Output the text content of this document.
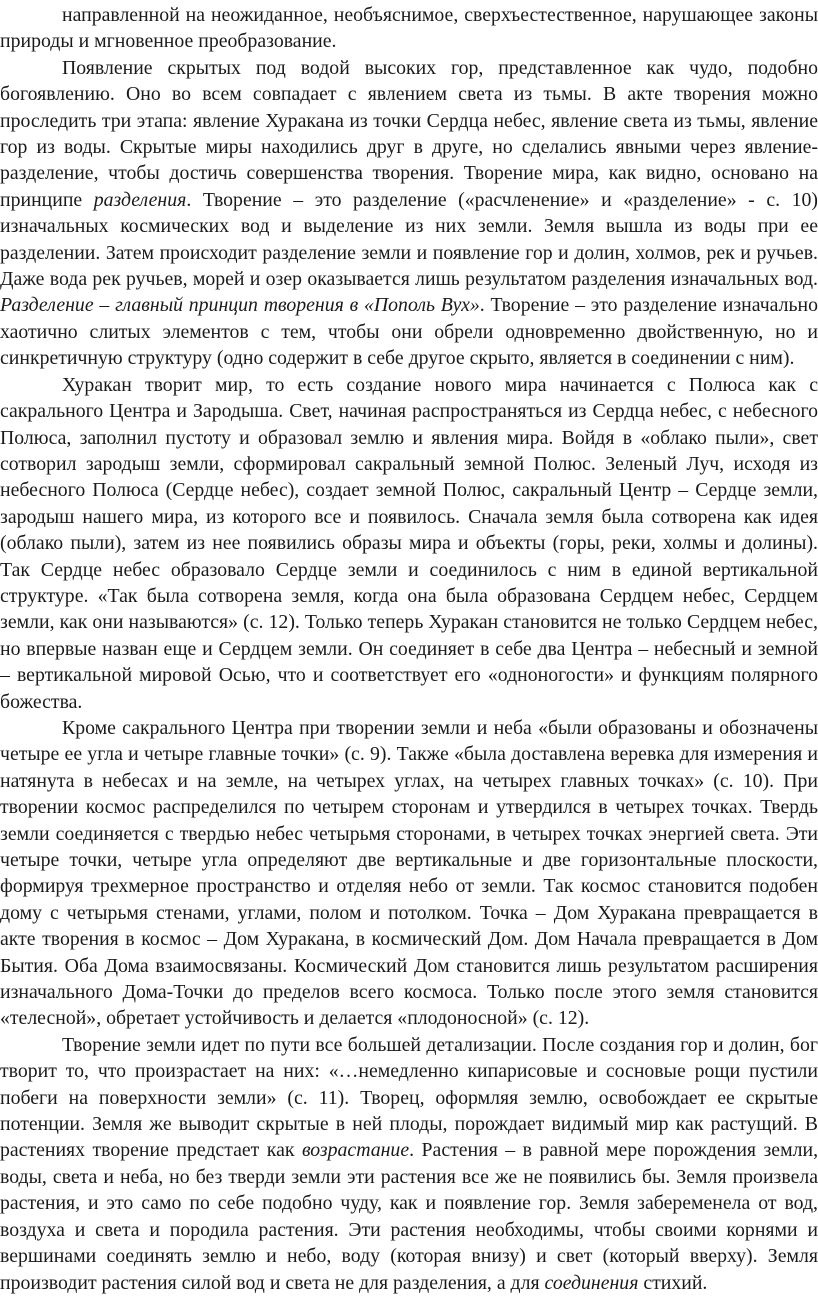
направленной на неожиданное, необъяснимое, сверхъестественное, нарушающее законы природы и мгновенное преобразование.

Появление скрытых под водой высоких гор, представленное как чудо, подобно богоявлению. Оно во всем совпадает с явлением света из тьмы. В акте творения можно проследить три этапа: явление Хуракана из точки Сердца небес, явление света из тьмы, явление гор из воды. Скрытые миры находились друг в друге, но сделались явными через явление-разделение, чтобы достичь совершенства творения. Творение мира, как видно, основано на принципе разделения. Творение – это разделение («расчленение» и «разделение» - с. 10) изначальных космических вод и выделение из них земли. Земля вышла из воды при ее разделении. Затем происходит разделение земли и появление гор и долин, холмов, рек и ручьев. Даже вода рек ручьев, морей и озер оказывается лишь результатом разделения изначальных вод. Разделение – главный принцип творения в «Пополь Вух». Творение – это разделение изначально хаотично слитых элементов с тем, чтобы они обрели одновременно двойственную, но и синкретичную структуру (одно содержит в себе другое скрыто, является в соединении с ним).

Хуракан творит мир, то есть создание нового мира начинается с Полюса как с сакрального Центра и Зародыша. Свет, начиная распространяться из Сердца небес, с небесного Полюса, заполнил пустоту и образовал землю и явления мира. Войдя в «облако пыли», свет сотворил зародыш земли, сформировал сакральный земной Полюс. Зеленый Луч, исходя из небесного Полюса (Сердце небес), создает земной Полюс, сакральный Центр – Сердце земли, зародыш нашего мира, из которого все и появилось. Сначала земля была сотворена как идея (облако пыли), затем из нее появились образы мира и объекты (горы, реки, холмы и долины). Так Сердце небес образовало Сердце земли и соединилось с ним в единой вертикальной структуре. «Так была сотворена земля, когда она была образована Сердцем небес, Сердцем земли, как они называются» (с. 12). Только теперь Хуракан становится не только Сердцем небес, но впервые назван еще и Сердцем земли. Он соединяет в себе два Центра – небесный и земной – вертикальной мировой Осью, что и соответствует его «одноногости» и функциям полярного божества.

Кроме сакрального Центра при творении земли и неба «были образованы и обозначены четыре ее угла и четыре главные точки» (с. 9). Также «была доставлена веревка для измерения и натянута в небесах и на земле, на четырех углах, на четырех главных точках» (с. 10). При творении космос распределился по четырем сторонам и утвердился в четырех точках. Твердь земли соединяется с твердью небес четырьмя сторонами, в четырех точках энергией света. Эти четыре точки, четыре угла определяют две вертикальные и две горизонтальные плоскости, формируя трехмерное пространство и отделяя небо от земли. Так космос становится подобен дому с четырьмя стенами, углами, полом и потолком. Точка – Дом Хуракана превращается в акте творения в космос – Дом Хуракана, в космический Дом. Дом Начала превращается в Дом Бытия. Оба Дома взаимосвязаны. Космический Дом становится лишь результатом расширения изначального Дома-Точки до пределов всего космоса. Только после этого земля становится «телесной», обретает устойчивость и делается «плодоносной» (с. 12).

Творение земли идет по пути все большей детализации. После создания гор и долин, бог творит то, что произрастает на них: «…немедленно кипарисовые и сосновые рощи пустили побеги на поверхности земли» (с. 11). Творец, оформляя землю, освобождает ее скрытые потенции. Земля же выводит скрытые в ней плоды, порождает видимый мир как растущий. В растениях творение предстает как возрастание. Растения – в равной мере порождения земли, воды, света и неба, но без тверди земли эти растения все же не появились бы. Земля произвела растения, и это само по себе подобно чуду, как и появление гор. Земля забеременела от вод, воздуха и света и породила растения. Эти растения необходимы, чтобы своими корнями и вершинами соединять землю и небо, воду (которая внизу) и свет (который вверху). Земля производит растения силой вод и света не для разделения, а для соединения стихий.
